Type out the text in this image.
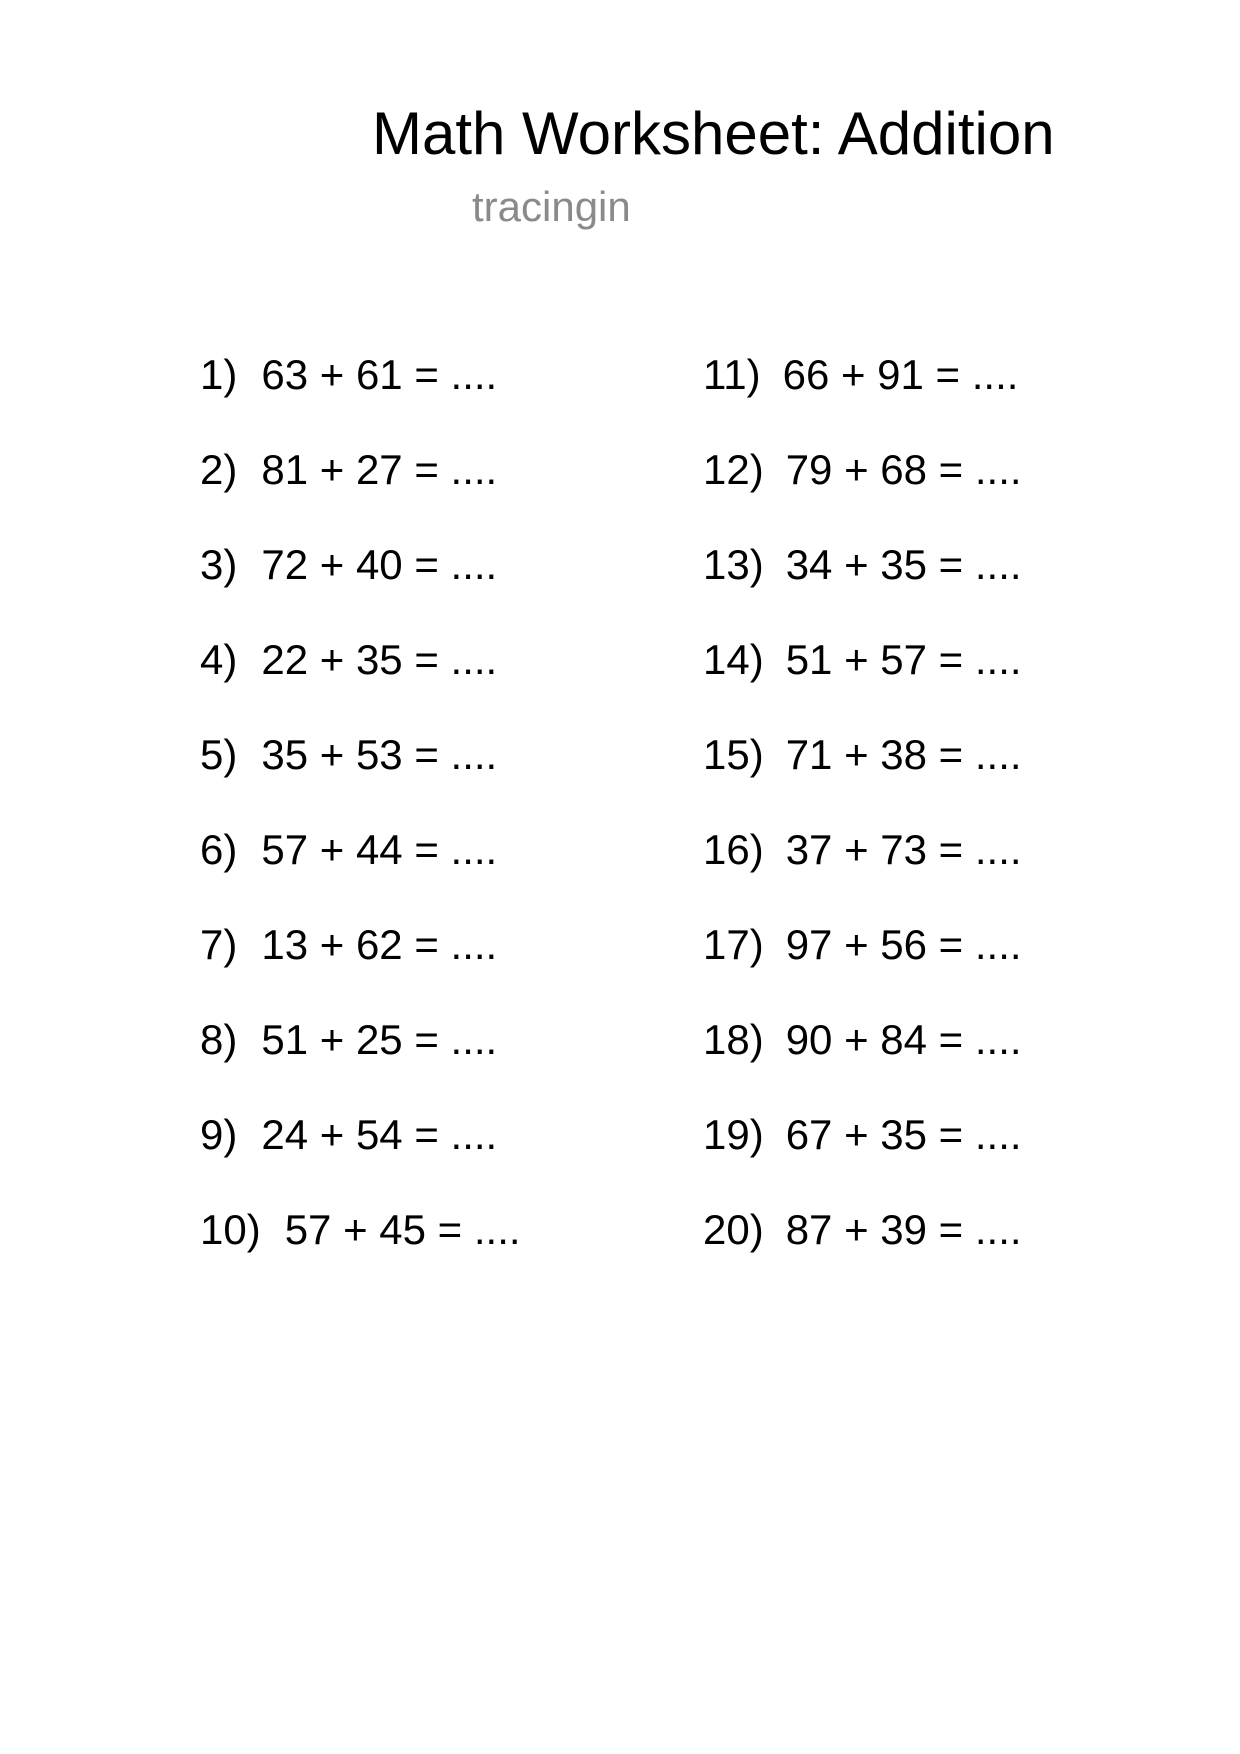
Math Worksheet: Addition
tracingin
1) 63 + 61 = ....
2) 81 + 27 = ....
3) 72 + 40 = ....
4) 22 + 35 = ....
5) 35 + 53 = ....
6) 57 + 44 = ....
7) 13 + 62 = ....
8) 51 + 25 = ....
9) 24 + 54 = ....
10) 57 + 45 = ....
11) 66 + 91 = ....
12) 79 + 68 = ....
13) 34 + 35 = ....
14) 51 + 57 = ....
15) 71 + 38 = ....
16) 37 + 73 = ....
17) 97 + 56 = ....
18) 90 + 84 = ....
19) 67 + 35 = ....
20) 87 + 39 = ....
